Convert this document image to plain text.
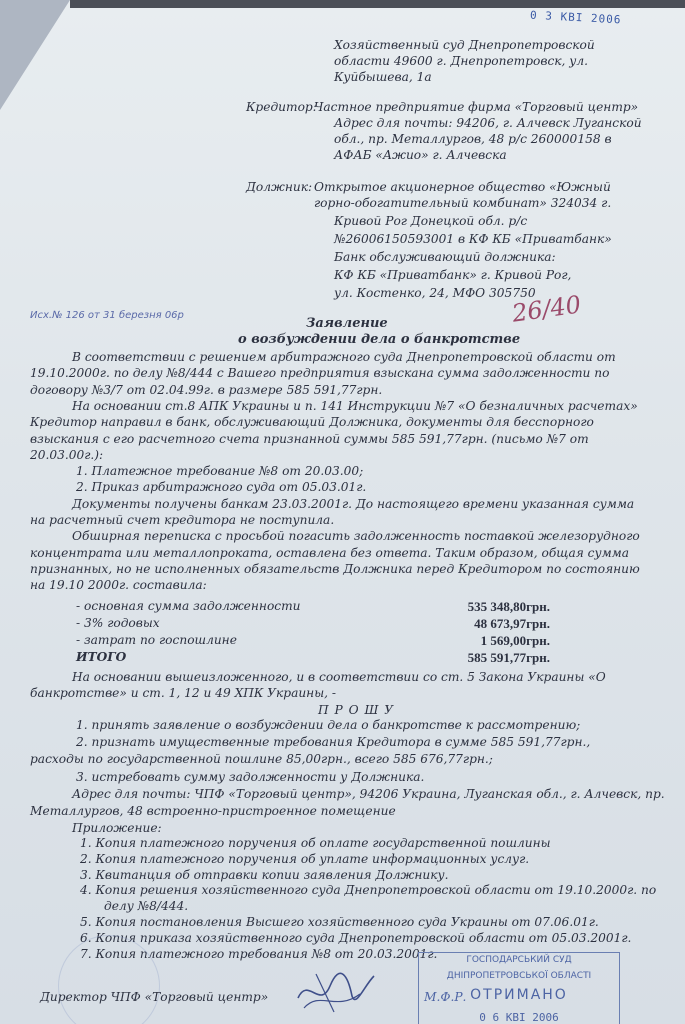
0 3 КВІ 2006
Хозяйственный суд Днепропетровской
области 49600 г. Днепропетровск, ул.
Куйбышева, 1а
Кредитор:
Частное предприятие фирма «Торговый центр»
Адрес для почты: 94206, г. Алчевск Луганской
обл., пр. Металлургов, 48 р/с 260000158 в
АФАБ «Ажио» г. Алчевска
Должник: Открытое акционерное общество «Южный
горно-обогатительный комбинат» 324034 г.
Кривой Рог Донецкой обл. р/с
№26006150593001 в КФ КБ «Приватбанк»
Банк обслуживающий должника:
КФ КБ «Приватбанк» г. Кривой Рог,
ул. Костенко, 24, МФО 305750
Исх.№ 126 от 31 березня 06р	26/40
Заявление
о возбуждении дела о банкротстве
В соответствии с решением арбитражного суда Днепропетровской области от
19.10.2000г. по делу №8/444 с Вашего предприятия взыскана сумма задолженности по
договору №3/7 от 02.04.99г. в размере 585 591,77грн.
На основании ст.8 АПК Украины и п. 141 Инструкции №7 «О безналичных расчетах»
Кредитор направил в банк, обслуживающий Должника, документы для бесспорного
взыскания с его расчетного счета признанной суммы 585 591,77грн. (письмо №7 от
20.03.00г.):
1. Платежное требование №8 от 20.03.00;
2. Приказ арбитражного суда от 05.03.01г.
Документы получены банкам 23.03.2001г. До настоящего времени указанная сумма
на расчетный счет кредитора не поступила.
Обширная переписка с просьбой погасить задолженность поставкой железорудного
концентрата или металлопроката, оставлена без ответа. Таким образом, общая сумма
признанных, но не исполненных обязательств Должника перед Кредитором по состоянию
на 19.10 2000г. составила:
- основная сумма задолженности	535 348,80грн.
- 3% годовых	48 673,97грн.
- затрат по госпошлине	1 569,00грн.
ИТОГО	585 591,77грн.
На основании вышеизложенного, и в соответствии со ст. 5 Закона Украины «О
банкротстве» и ст. 1, 12 и 49 ХПК Украины, -
П Р О Ш У
1. принять заявление о возбуждении дела о банкротстве к рассмотрению;
2. признать имущественные требования Кредитора в сумме 585 591,77грн.,
расходы по государственной пошлине 85,00грн., всего 585 676,77грн.;
3. истребовать сумму задолженности у Должника.
Адрес для почты: ЧПФ «Торговый центр», 94206 Украина, Луганская обл., г. Алчевск, пр.
Металлургов, 48 встроенно-пристроенное помещение
Приложение:
1. Копия платежного поручения об оплате государственной пошлины
2. Копия платежного поручения об уплате информационных услуг.
3. Квитанция об отправки копии заявления Должнику.
4. Копия решения хозяйственного суда Днепропетровской области от 19.10.2000г. по
делу №8/444.
5. Копия постановления Высшего хозяйственного суда Украины от 07.06.01г.
6. Копия приказа хозяйственного суда Днепропетровской области от 05.03.2001г.
7. Копия платежного требования №8 от 20.03.2001г.
Директор ЧПФ «Торговый центр»
ГОСПОДАРСЬКИЙ СУД
ДНІПРОПЕТРОВСЬКОЇ ОБЛАСТІ
ОТРИМАНО
0 6 КВІ 2006
М.Ф.Р.
